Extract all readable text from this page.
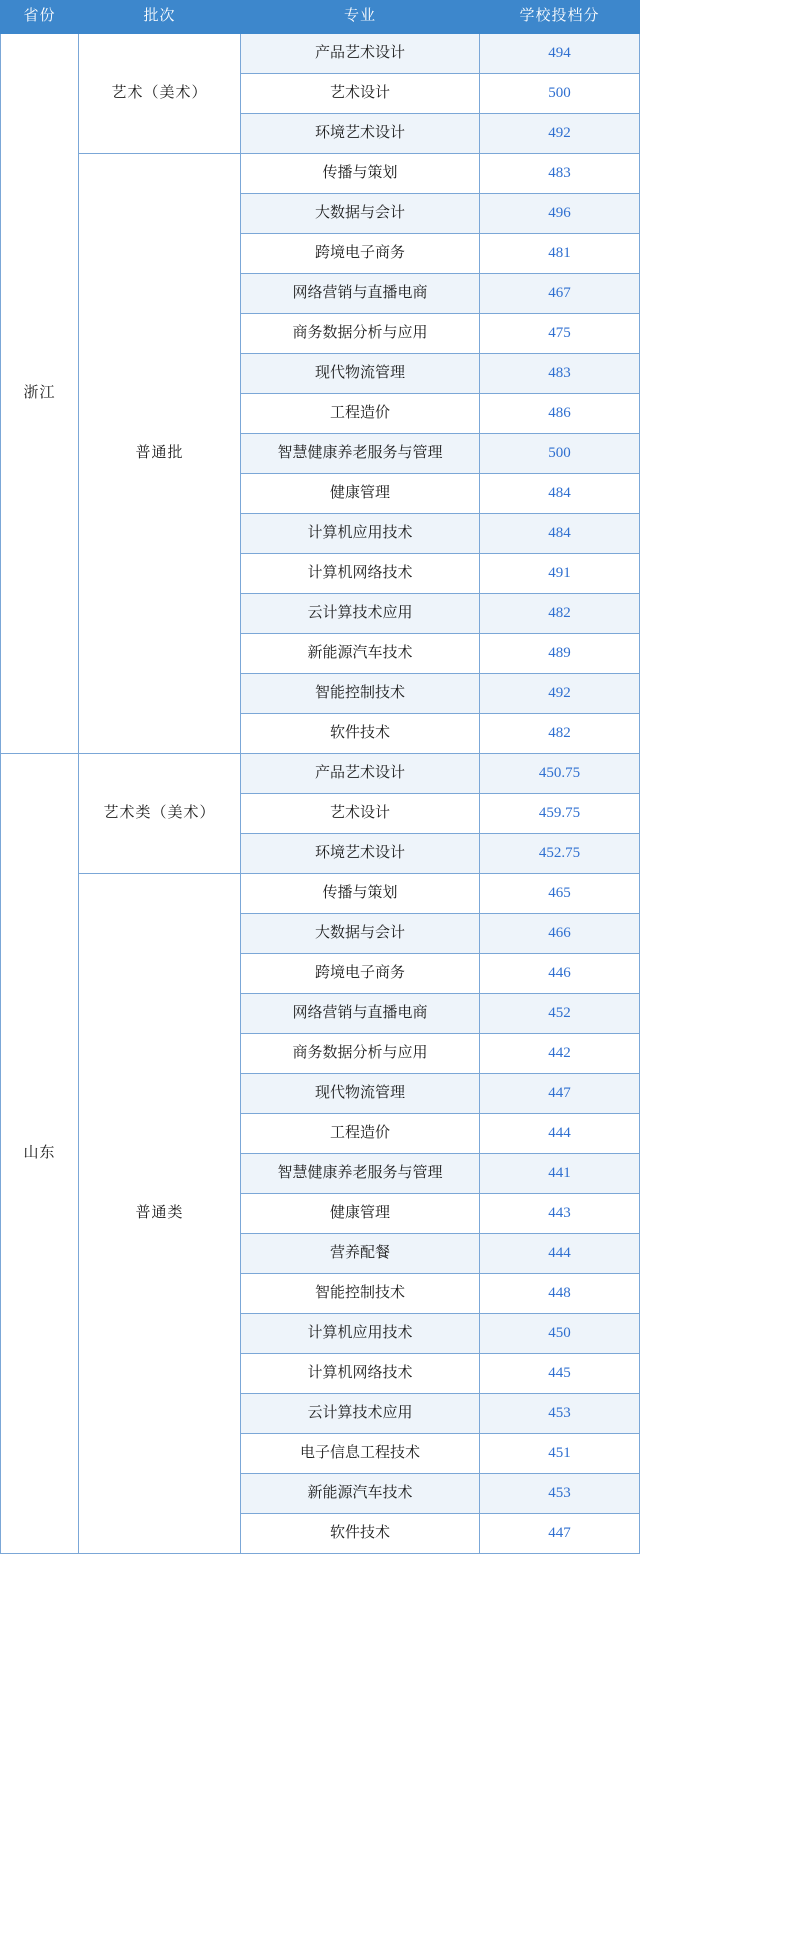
省份	批次	专业	学校投档分
浙江	艺术（美术）	产品艺术设计	494
		艺术设计	500
		环境艺术设计	492
	普通批	传播与策划	483
		大数据与会计	496
		跨境电子商务	481
		网络营销与直播电商	467
		商务数据分析与应用	475
		现代物流管理	483
		工程造价	486
		智慧健康养老服务与管理	500
		健康管理	484
		计算机应用技术	484
		计算机网络技术	491
		云计算技术应用	482
		新能源汽车技术	489
		智能控制技术	492
		软件技术	482
山东	艺术类（美术）	产品艺术设计	450.75
		艺术设计	459.75
		环境艺术设计	452.75
	普通类	传播与策划	465
		大数据与会计	466
		跨境电子商务	446
		网络营销与直播电商	452
		商务数据分析与应用	442
		现代物流管理	447
		工程造价	444
		智慧健康养老服务与管理	441
		健康管理	443
		营养配餐	444
		智能控制技术	448
		计算机应用技术	450
		计算机网络技术	445
		云计算技术应用	453
		电子信息工程技术	451
		新能源汽车技术	453
		软件技术	447
